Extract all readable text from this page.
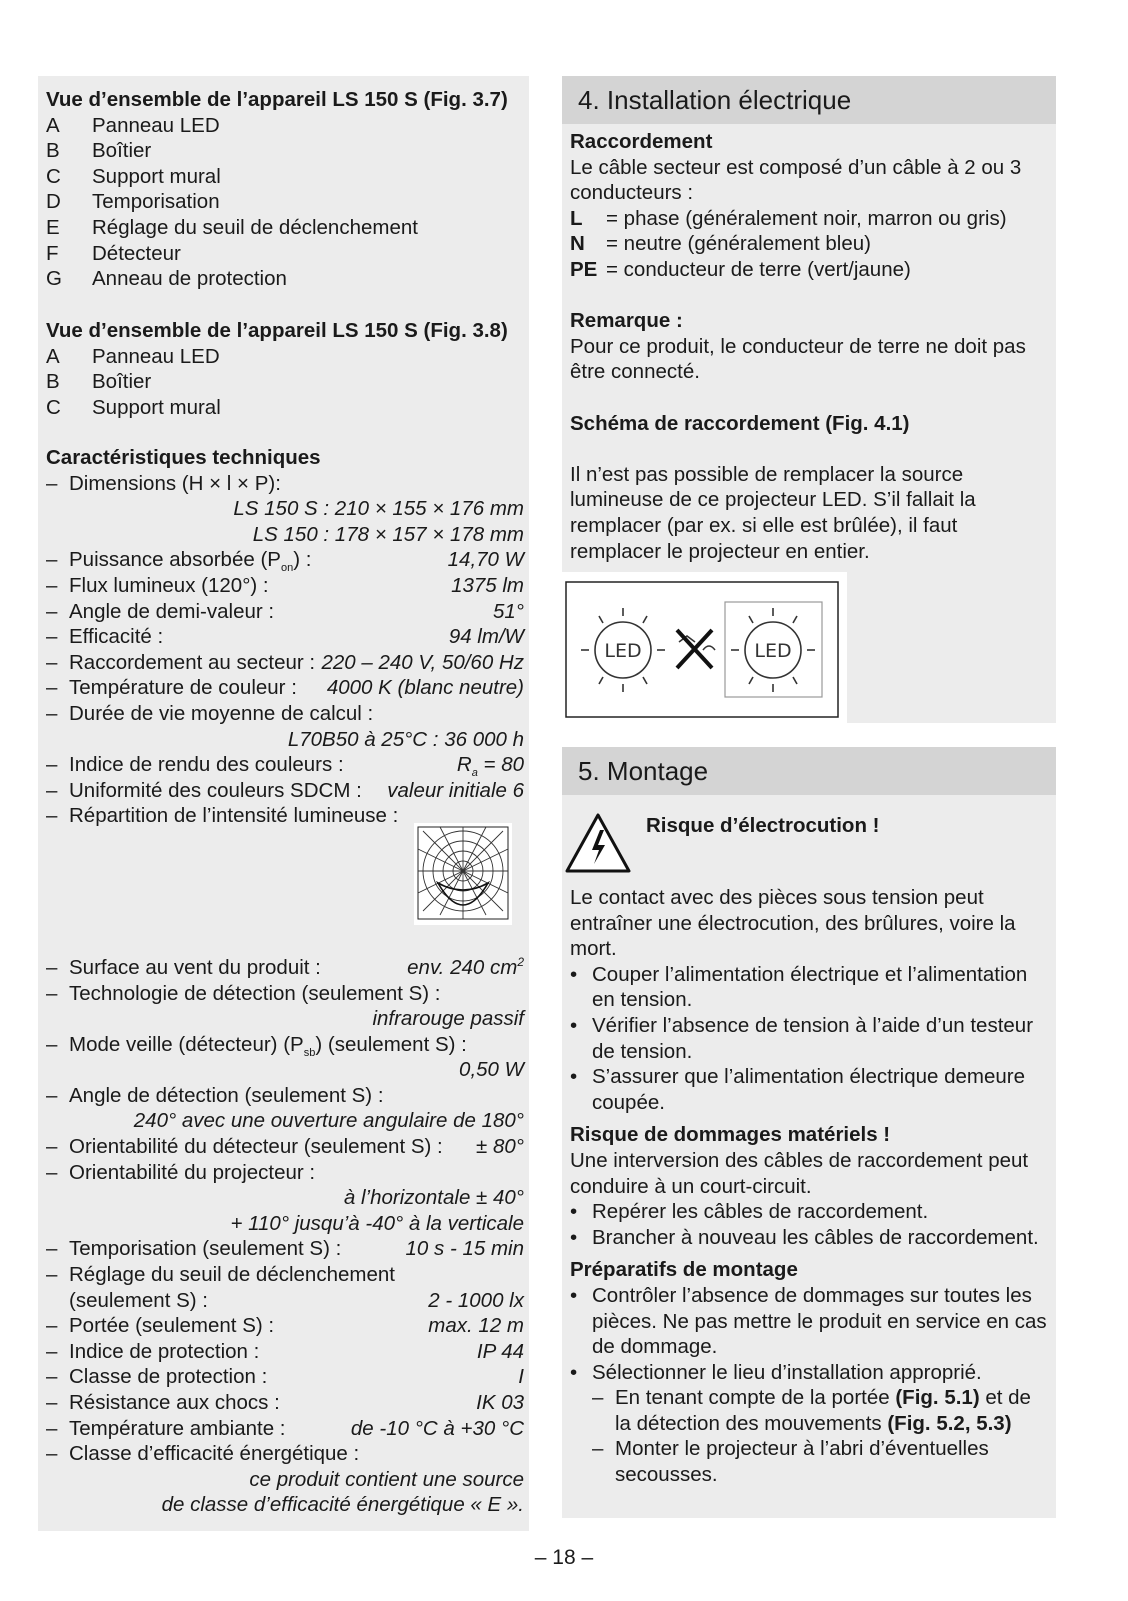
Vue d’ensemble de l’appareil LS 150 S (Fig. 3.7)
A Panneau LED
B Boîtier
C Support mural
D Temporisation
E Réglage du seuil de déclenchement
F Détecteur
G Anneau de protection
Vue d’ensemble de l’appareil LS 150 S (Fig. 3.8)
A Panneau LED
B Boîtier
C Support mural
Caractéristiques techniques
– Dimensions (H × l × P):
LS 150 S : 210 × 155 × 176 mm
LS 150 : 178 × 157 × 178 mm
– Puissance absorbée $(P_{on})$ :	14,70 W
– Flux lumineux (120°) :	1375 lm
– Angle de demi-valeur :	51°
– Efficacité :	94 lm/W
– Raccordement au secteur : 220 – 240 V, 50/60 Hz
– Température de couleur : 4000 K (blanc neutre)
– Durée de vie moyenne de calcul :
L70B50 à 25°C : 36 000 h
– Indice de rendu des couleurs :	$R_a = 80$
– Uniformité des couleurs SDCM : valeur initiale 6
– Répartition de l’intensité lumineuse :
– Surface au vent du produit :	env. 240 $cm^2$
– Technologie de détection (seulement S) :
infrarouge passif
– Mode veille (détecteur) $(P_{sb})$ (seulement S) :
0,50 W
– Angle de détection (seulement S) :
240° avec une ouverture angulaire de 180°
– Orientabilité du détecteur (seulement S) : ± 80°
– Orientabilité du projecteur :
à l’horizontale ± 40°
+ 110° jusqu’à -40° à la verticale
– Temporisation (seulement S) :	10 s - 15 min
– Réglage du seuil de déclenchement
(seulement S) :	2 - 1000 lx
– Portée (seulement S) :	max. 12 m
– Indice de protection :	IP 44
– Classe de protection :	I
– Résistance aux chocs :	IK 03
– Température ambiante :	de -10 °C à +30 °C
– Classe d’efficacité énergétique :
ce produit contient une source
de classe d’efficacité énergétique « E ».
4. Installation électrique
Raccordement
Le câble secteur est composé d’un câble à 2 ou 3 conducteurs :
L = phase (généralement noir, marron ou gris)
N = neutre (généralement bleu)
PE = conducteur de terre (vert/jaune)
Remarque :
Pour ce produit, le conducteur de terre ne doit pas être connecté.
Schéma de raccordement (Fig. 4.1)
Il n’est pas possible de remplacer la source lumineuse de ce projecteur LED. S’il fallait la remplacer (par ex. si elle est brûlée), il faut remplacer le projecteur en entier.
LED	LED
5. Montage
Risque d’électrocution !
Le contact avec des pièces sous tension peut entraîner une électrocution, des brûlures, voire la mort.
• Couper l’alimentation électrique et l’alimentation en tension.
• Vérifier l’absence de tension à l’aide d’un testeur de tension.
• S’assurer que l’alimentation électrique demeure coupée.
Risque de dommages matériels !
Une interversion des câbles de raccordement peut conduire à un court-circuit.
• Repérer les câbles de raccordement.
• Brancher à nouveau les câbles de raccordement.
Préparatifs de montage
• Contrôler l’absence de dommages sur toutes les pièces. Ne pas mettre le produit en service en cas de dommage.
• Sélectionner le lieu d’installation approprié.
– En tenant compte de la portée (Fig. 5.1) et de la détection des mouvements (Fig. 5.2, 5.3)
– Monter le projecteur à l’abri d’éventuelles secousses.
– 18 –
